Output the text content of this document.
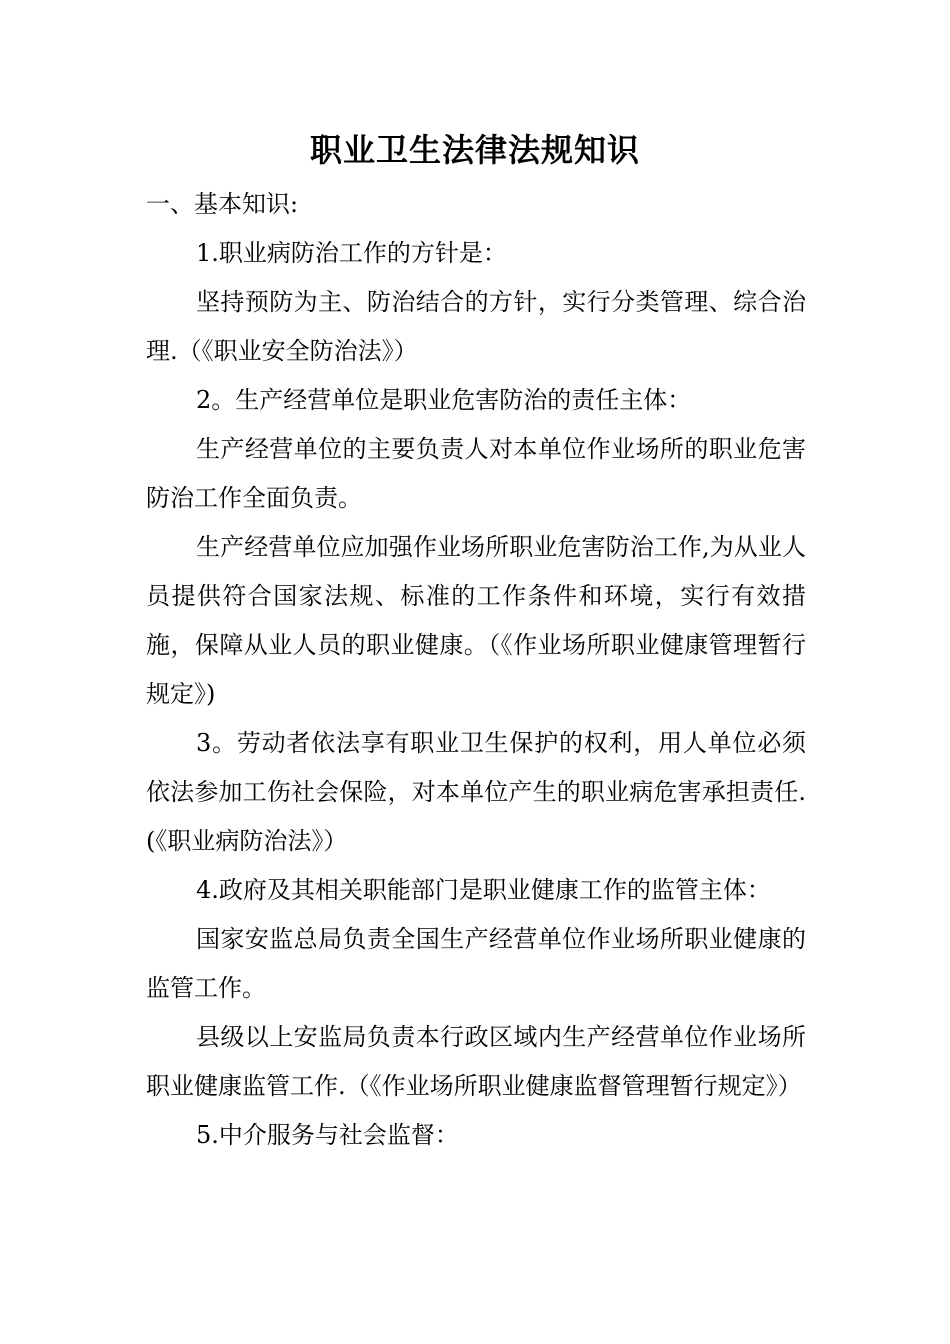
职业卫生法律法规知识

一、基本知识:

1.职业病防治工作的方针是：

坚持预防为主、防治结合的方针，实行分类管理、综合治理.（《职业安全防治法》）

2。生产经营单位是职业危害防治的责任主体：

生产经营单位的主要负责人对本单位作业场所的职业危害防治工作全面负责。

生产经营单位应加强作业场所职业危害防治工作,为从业人员提供符合国家法规、标准的工作条件和环境，实行有效措施，保障从业人员的职业健康。（《作业场所职业健康管理暂行规定》)

3。劳动者依法享有职业卫生保护的权利，用人单位必须依法参加工伤社会保险，对本单位产生的职业病危害承担责任.(《职业病防治法》）

4.政府及其相关职能部门是职业健康工作的监管主体：

国家安监总局负责全国生产经营单位作业场所职业健康的监管工作。

县级以上安监局负责本行政区域内生产经营单位作业场所职业健康监管工作.（《作业场所职业健康监督管理暂行规定》）

5.中介服务与社会监督：
